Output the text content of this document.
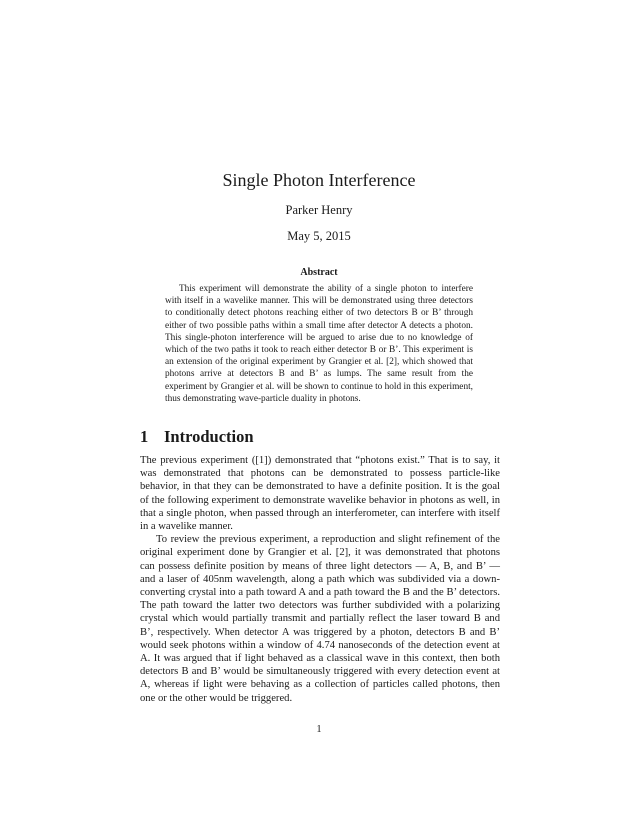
Single Photon Interference
Parker Henry
May 5, 2015
Abstract

This experiment will demonstrate the ability of a single photon to interfere with itself in a wavelike manner. This will be demonstrated using three detectors to conditionally detect photons reaching either of two detectors B or B’ through either of two possible paths within a small time after detector A detects a photon. This single-photon interference will be argued to arise due to no knowledge of which of the two paths it took to reach either detector B or B’. This experiment is an extension of the original experiment by Grangier et al. [2], which showed that photons arrive at detectors B and B’ as lumps. The same result from the experiment by Grangier et al. will be shown to continue to hold in this experiment, thus demonstrating wave-particle duality in photons.

1 Introduction

The previous experiment ([1]) demonstrated that “photons exist.” That is to say, it was demonstrated that photons can be demonstrated to possess particle-like behavior, in that they can be demonstrated to have a definite position. It is the goal of the following experiment to demonstrate wavelike behavior in photons as well, in that a single photon, when passed through an interferometer, can interfere with itself in a wavelike manner.

To review the previous experiment, a reproduction and slight refinement of the original experiment done by Grangier et al. [2], it was demonstrated that photons can possess definite position by means of three light detectors — A, B, and B’ — and a laser of 405nm wavelength, along a path which was subdivided via a down-converting crystal into a path toward A and a path toward the B and the B’ detectors. The path toward the latter two detectors was further subdivided with a polarizing crystal which would partially transmit and partially reflect the laser toward B and B’, respectively. When detector A was triggered by a photon, detectors B and B’ would seek photons within a window of 4.74 nanoseconds of the detection event at A. It was argued that if light behaved as a classical wave in this context, then both detectors B and B’ would be simultaneously triggered with every detection event at A, whereas if light were behaving as a collection of particles called photons, then one or the other would be triggered.

1
